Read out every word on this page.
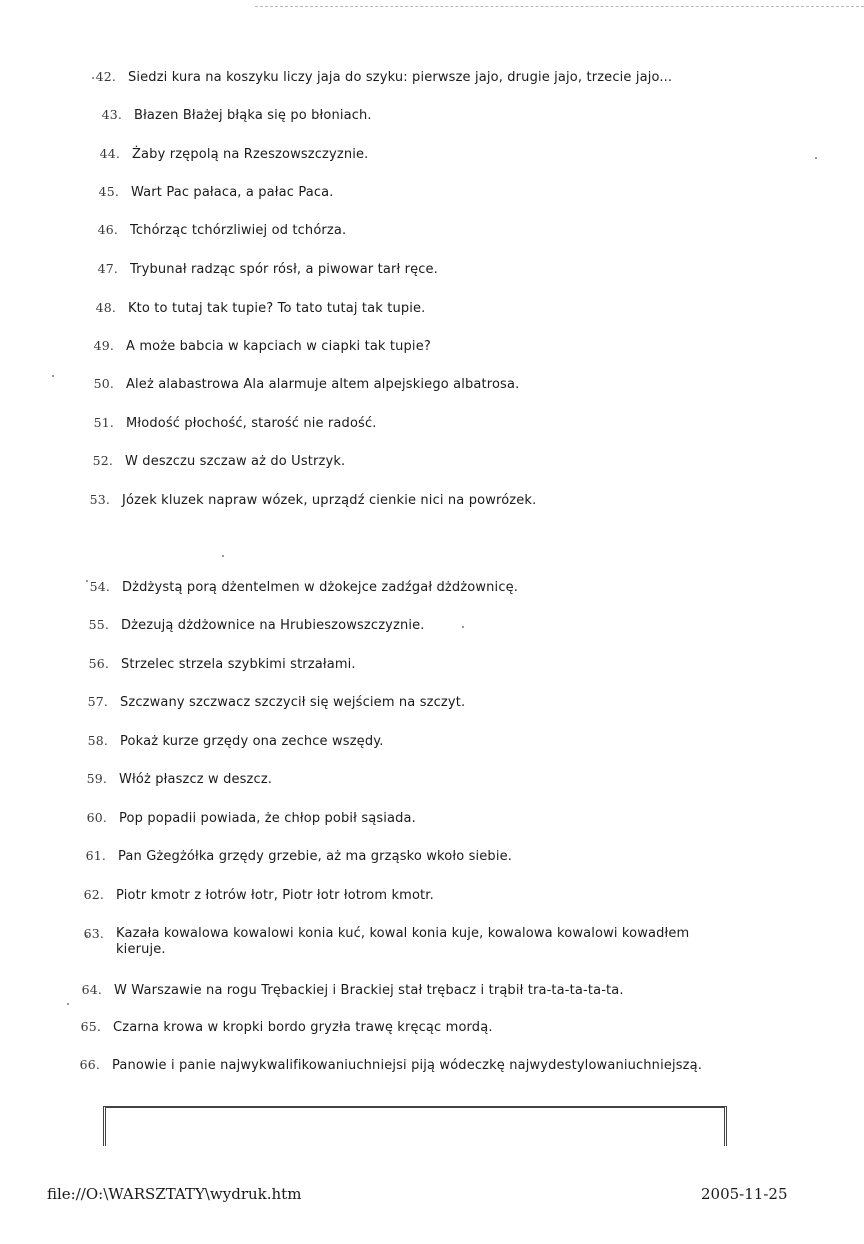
42. Siedzi kura na koszyku liczy jaja do szyku: pierwsze jajo, drugie jajo, trzecie jajo...
43. Błazen Błażej błąka się po błoniach.
44. Żaby rzępolą na Rzeszowszczyznie.
45. Wart Pac pałaca, a pałac Paca.
46. Tchórząc tchórzliwiej od tchórza.
47. Trybunał radząc spór rósł, a piwowar tarł ręce.
48. Kto to tutaj tak tupie? To tato tutaj tak tupie.
49. A może babcia w kapciach w ciapki tak tupie?
50. Ależ alabastrowa Ala alarmuje altem alpejskiego albatrosa.
51. Młodość płochość, starość nie radość.
52. W deszczu szczaw aż do Ustrzyk.
53. Józek kluzek napraw wózek, uprządź cienkie nici na powrózek.
54. Dżdżystą porą dżentelmen w dżokejce zadźgał dżdżownicę.
55. Dżezują dżdżownice na Hrubieszowszczyznie.
56. Strzelec strzela szybkimi strzałami.
57. Szczwany szczwacz szczycił się wejściem na szczyt.
58. Pokaż kurze grzędy ona zechce wszędy.
59. Włóż płaszcz w deszcz.
60. Pop popadii powiada, że chłop pobił sąsiada.
61. Pan Gżegżółka grzędy grzebie, aż ma grząsko wkoło siebie.
62. Piotr kmotr z łotrów łotr, Piotr łotr łotrom kmotr.
63. Kazała kowalowa kowalowi konia kuć, kowal konia kuje, kowalowa kowalowi kowadłem kieruje.
64. W Warszawie na rogu Trębackiej i Brackiej stał trębacz i trąbił tra-ta-ta-ta-ta.
65. Czarna krowa w kropki bordo gryzła trawę kręcąc mordą.
66. Panowie i panie najwykwalifikowaniuchniejsi piją wódeczkę najwydestylowaniuchniejszą.
file://O:\WARSZTATY\wydruk.htm	2005-11-25
